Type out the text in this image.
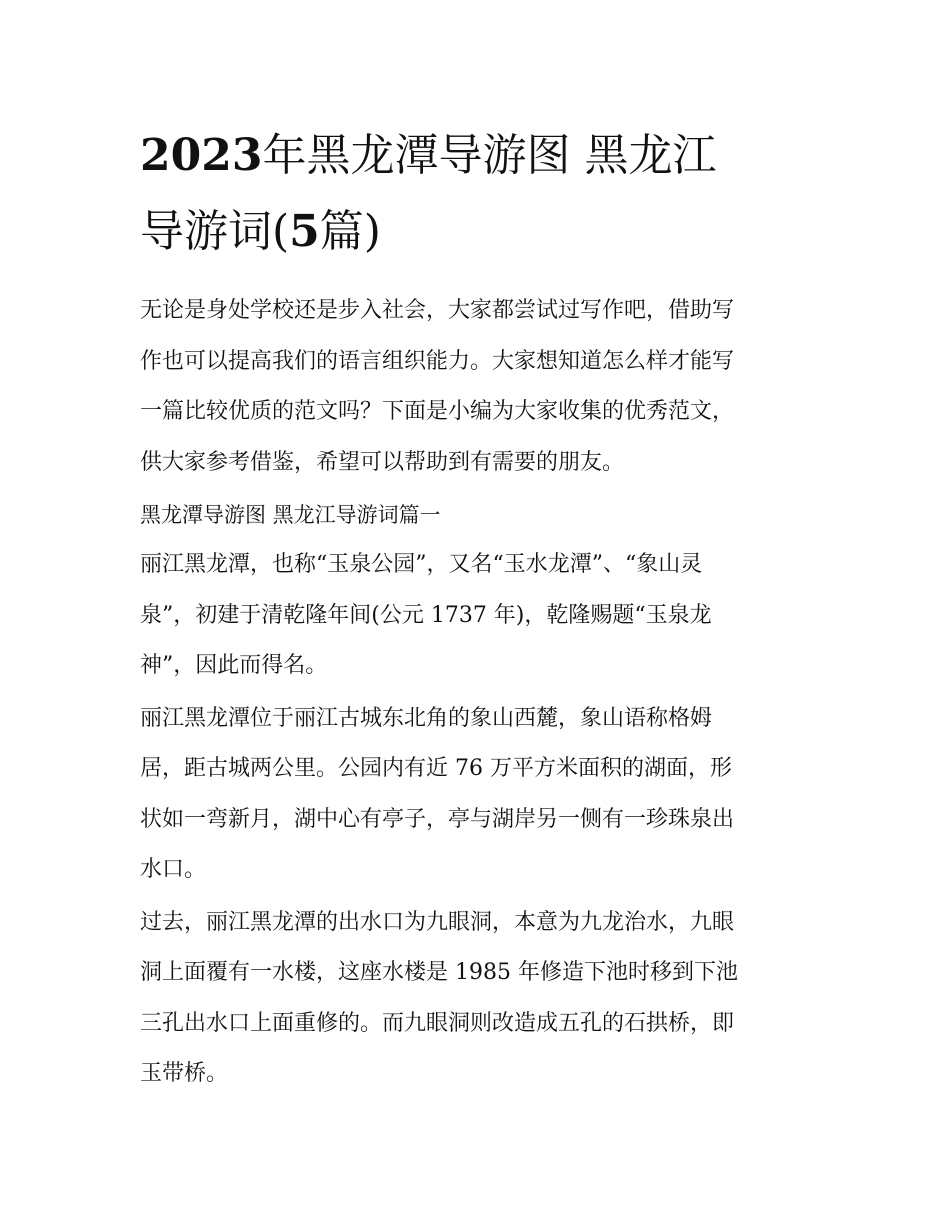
2023年黑龙潭导游图 黑龙江
导游词(5篇)

无论是身处学校还是步入社会，大家都尝试过写作吧，借助写
作也可以提高我们的语言组织能力。大家想知道怎么样才能写
一篇比较优质的范文吗？下面是小编为大家收集的优秀范文，
供大家参考借鉴，希望可以帮助到有需要的朋友。

黑龙潭导游图 黑龙江导游词篇一

丽江黑龙潭，也称“玉泉公园”，又名“玉水龙潭”、“象山灵
泉”，初建于清乾隆年间(公元 1737 年)，乾隆赐题“玉泉龙
神”，因此而得名。

丽江黑龙潭位于丽江古城东北角的象山西麓，象山语称格姆
居，距古城两公里。公园内有近 76 万平方米面积的湖面，形
状如一弯新月，湖中心有亭子，亭与湖岸另一侧有一珍珠泉出
水口。

过去，丽江黑龙潭的出水口为九眼洞，本意为九龙治水，九眼
洞上面覆有一水楼，这座水楼是 1985 年修造下池时移到下池
三孔出水口上面重修的。而九眼洞则改造成五孔的石拱桥，即
玉带桥。
